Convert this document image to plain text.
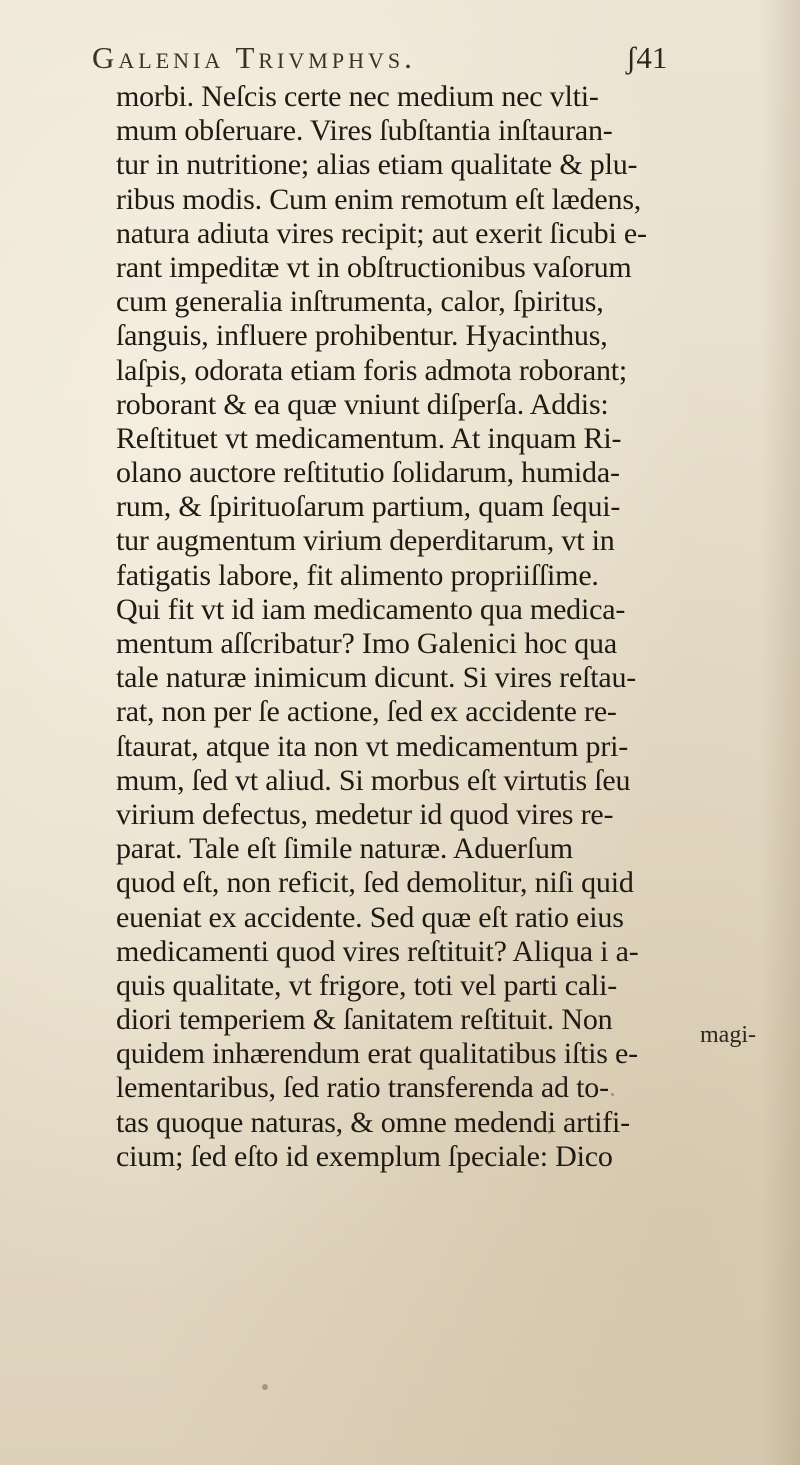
Galenia Trivmphvs.	ʃ41
morbi. Neſcis certe nec medium nec vlti-
mum obſeruare. Vires ſubſtantia inſtauran-
tur in nutritione; alias etiam qualitate & plu-
ribus modis. Cum enim remotum eſt lædens,
natura adiuta vires recipit; aut exerit ſicubi e-
rant impeditæ vt in obſtructionibus vaſorum
cum generalia inſtrumenta, calor, ſpiritus,
ſanguis, influere prohibentur. Hyacinthus,
laſpis, odorata etiam foris admota roborant;
roborant & ea quæ vniunt diſperſa. Addis:
Reſtituet vt medicamentum. At inquam Ri-
olano auctore reſtitutio ſolidarum, humida-
rum, & ſpirituoſarum partium, quam ſequi-
tur augmentum virium deperditarum, vt in
fatigatis labore, fit alimento propriiſſime.
Qui fit vt id iam medicamento qua medica-
mentum aſſcribatur? Imo Galenici hoc qua
tale naturæ inimicum dicunt. Si vires reſtau-
rat, non per ſe actione, ſed ex accidente re-
ſtaurat, atque ita non vt medicamentum pri-
mum, ſed vt aliud. Si morbus eſt virtutis ſeu
virium defectus, medetur id quod vires re-
parat. Tale eſt ſimile naturæ. Aduerſum
quod eſt, non reficit, ſed demolitur, niſi quid
eueniat ex accidente. Sed quæ eſt ratio eius
medicamenti quod vires reſtituit? Aliqua i a-
quis qualitate, vt frigore, toti vel parti cali-
diori temperiem & ſanitatem reſtituit. Non
quidem inhærendum erat qualitatibus iſtis e-
lementaribus, ſed ratio transferenda ad to-
tas quoque naturas, & omne medendi artifi-
cium; ſed eſto id exemplum ſpeciale: Dico
magi-
